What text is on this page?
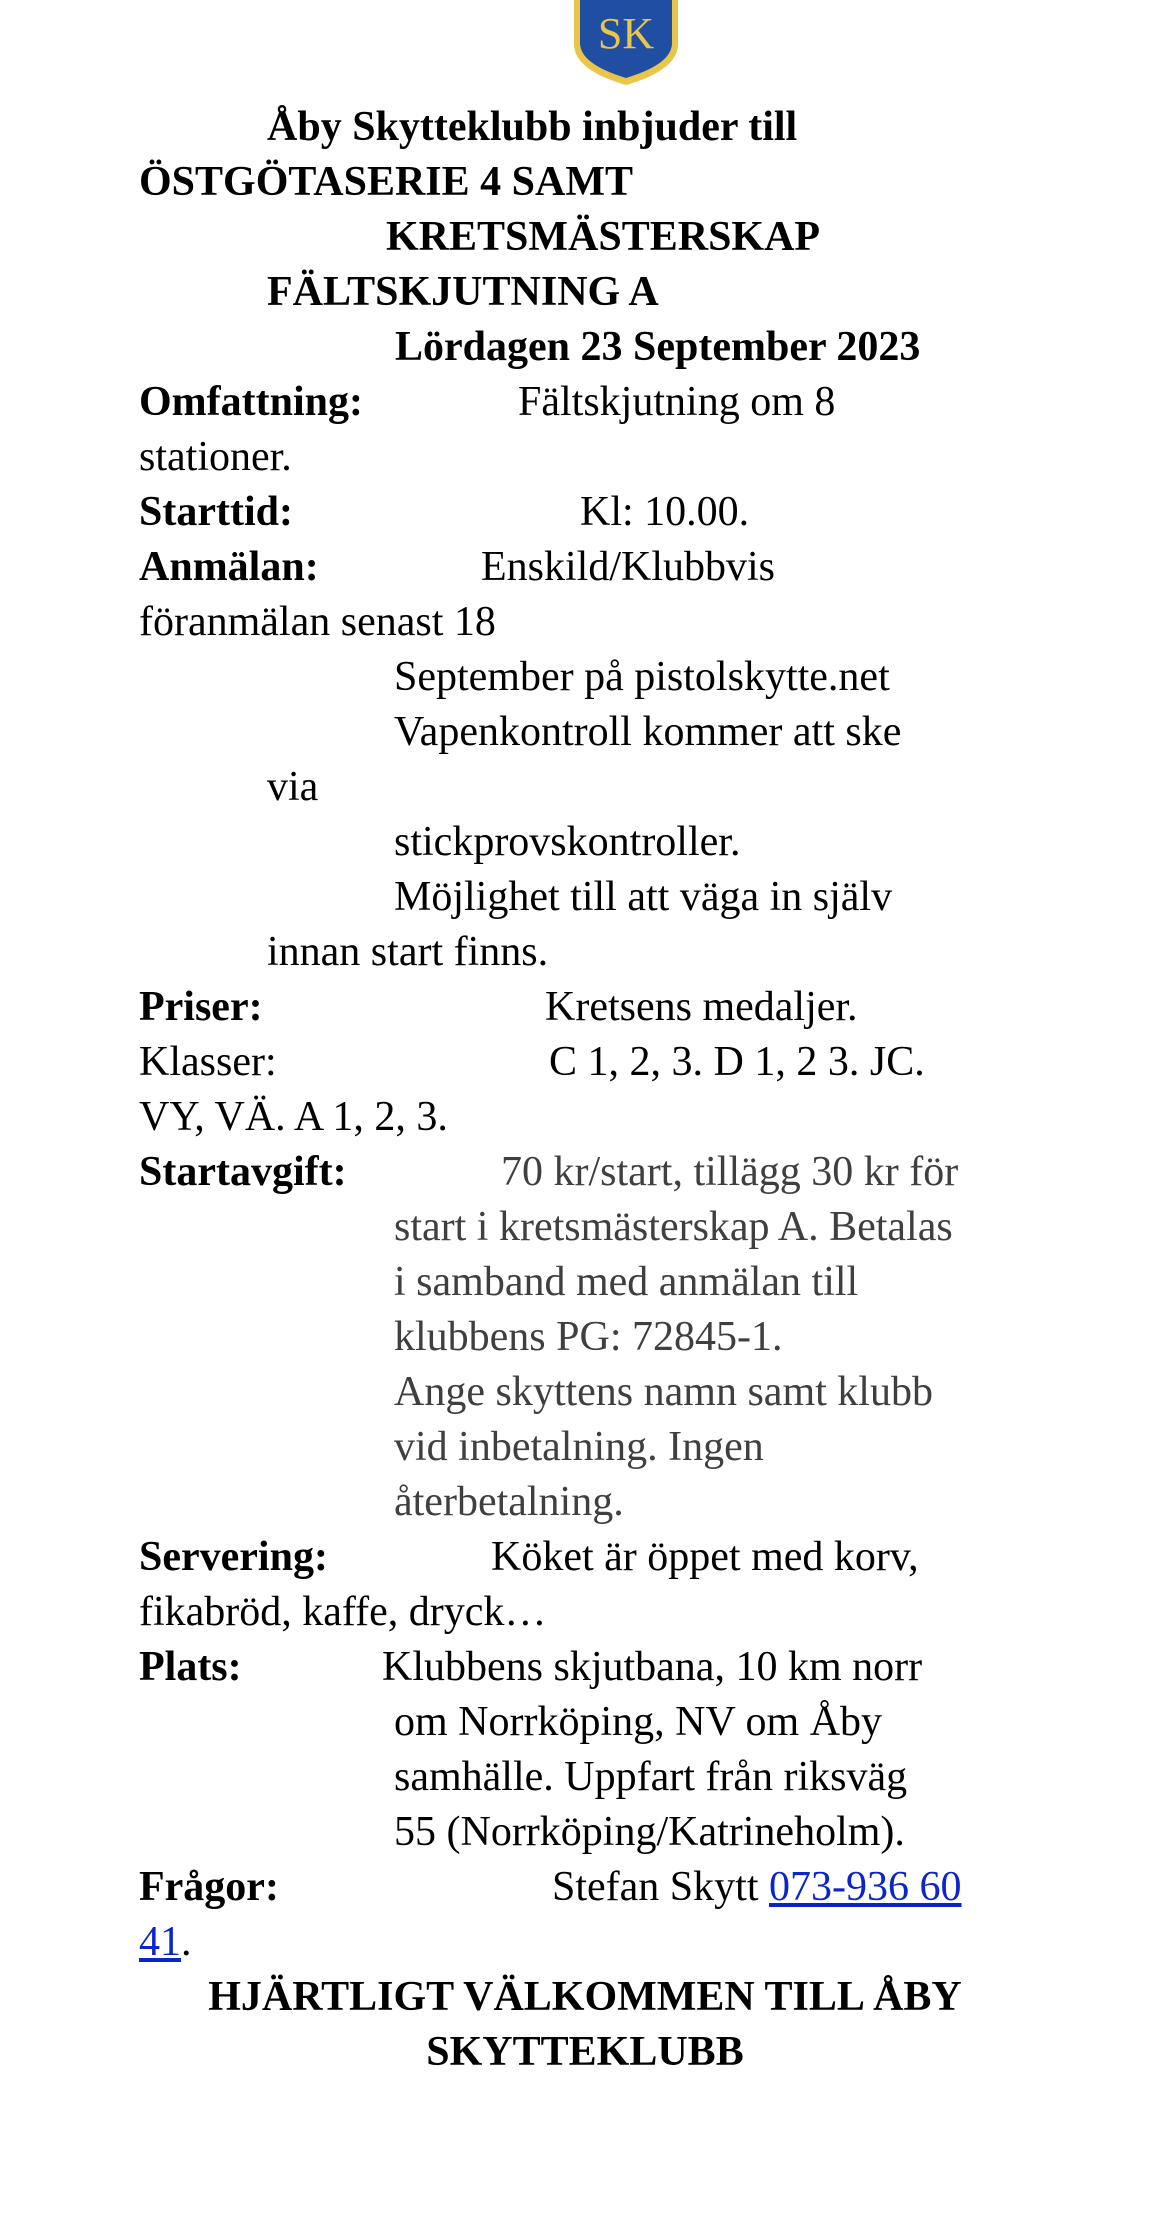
SK
Åby Skytteklubb inbjuder till
ÖSTGÖTASERIE 4 SAMT
KRETSMÄSTERSKAP
FÄLTSKJUTNING A
Lördagen 23 September 2023
Omfattning:	Fältskjutning om 8
stationer.
Starttid:	Kl: 10.00.
Anmälan:	Enskild/Klubbvis
föranmälan senast 18
September på pistolskytte.net
Vapenkontroll kommer att ske
via
stickprovskontroller.
Möjlighet till att väga in själv
innan start finns.
Priser:	Kretsens medaljer.
Klasser:	C 1, 2, 3. D 1, 2 3. JC.
VY, VÄ. A 1, 2, 3.
Startavgift:	70 kr/start, tillägg 30 kr för
start i kretsmästerskap A. Betalas
i samband med anmälan till
klubbens PG: 72845-1.
Ange skyttens namn samt klubb
vid inbetalning. Ingen
återbetalning.
Servering:	Köket är öppet med korv,
fikabröd, kaffe, dryck…
Plats:	Klubbens skjutbana, 10 km norr
om Norrköping, NV om Åby
samhälle. Uppfart från riksväg
55 (Norrköping/Katrineholm).
Frågor:	Stefan Skytt 073-936 60
41.
HJÄRTLIGT VÄLKOMMEN TILL ÅBY
SKYTTEKLUBB
